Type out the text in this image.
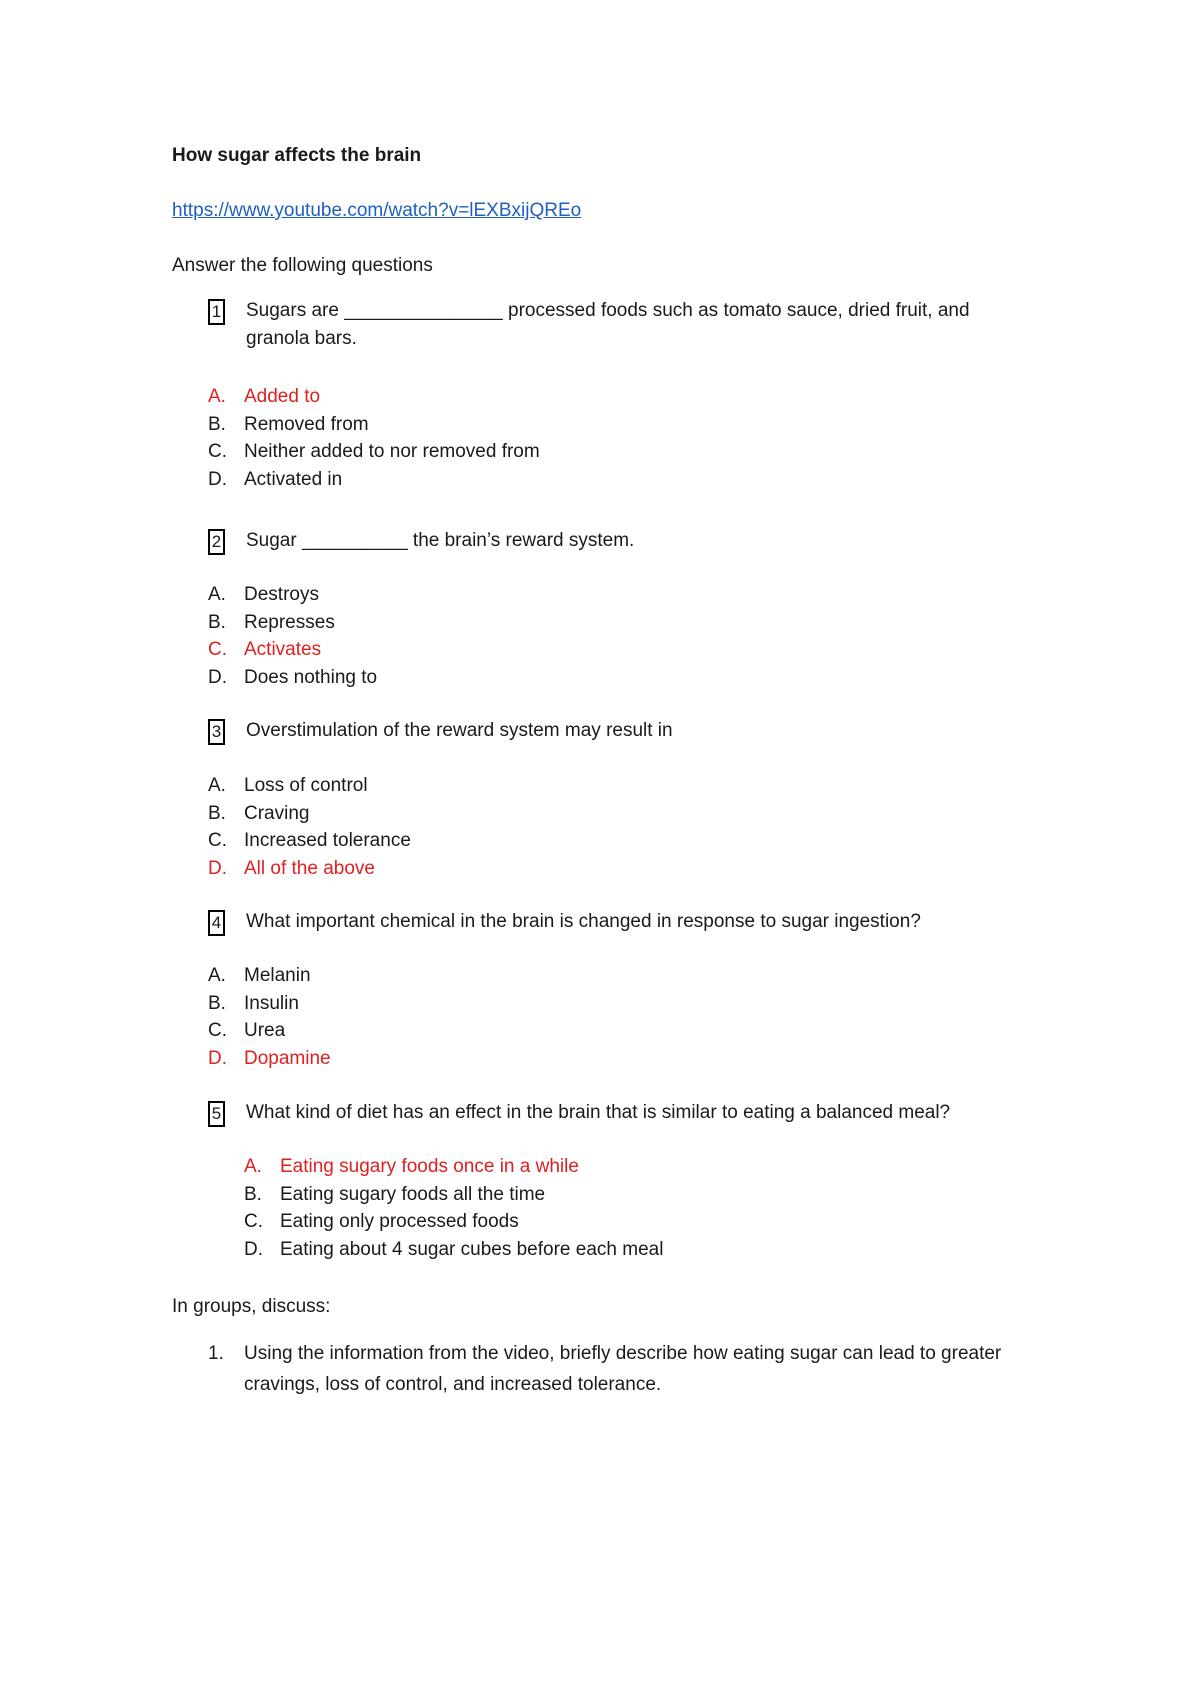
How sugar affects the brain
https://www.youtube.com/watch?v=lEXBxijQREo
Answer the following questions
1 Sugars are _______________ processed foods such as tomato sauce, dried fruit, and granola bars.
A. Added to
B. Removed from
C. Neither added to nor removed from
D. Activated in
2 Sugar __________ the brain’s reward system.
A. Destroys
B. Represses
C. Activates
D. Does nothing to
3 Overstimulation of the reward system may result in
A. Loss of control
B. Craving
C. Increased tolerance
D. All of the above
4 What important chemical in the brain is changed in response to sugar ingestion?
A. Melanin
B. Insulin
C. Urea
D. Dopamine
5 What kind of diet has an effect in the brain that is similar to eating a balanced meal?
A. Eating sugary foods once in a while
B. Eating sugary foods all the time
C. Eating only processed foods
D. Eating about 4 sugar cubes before each meal
In groups, discuss:
1. Using the information from the video, briefly describe how eating sugar can lead to greater cravings, loss of control, and increased tolerance.
